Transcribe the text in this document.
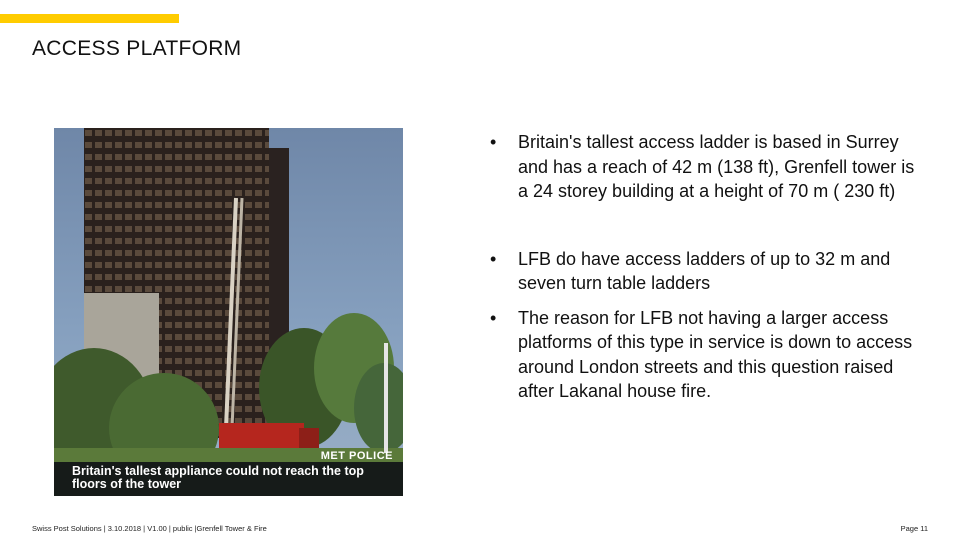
ACCESS PLATFORM
MET POLICE
Britain's tallest appliance could not reach the top floors of the tower
• Britain's tallest access ladder is based in Surrey and has a reach of 42 m (138 ft), Grenfell tower is a 24 storey building at a height of 70 m ( 230 ft)
• LFB do have access ladders of up to 32 m and seven turn table ladders
• The reason for LFB not having a larger access platforms of this type in service is down to access around London streets and this question raised after Lakanal house fire.
Swiss Post Solutions | 3.10.2018 | V1.00 | public |Grenfell Tower & Fire	Page 11
